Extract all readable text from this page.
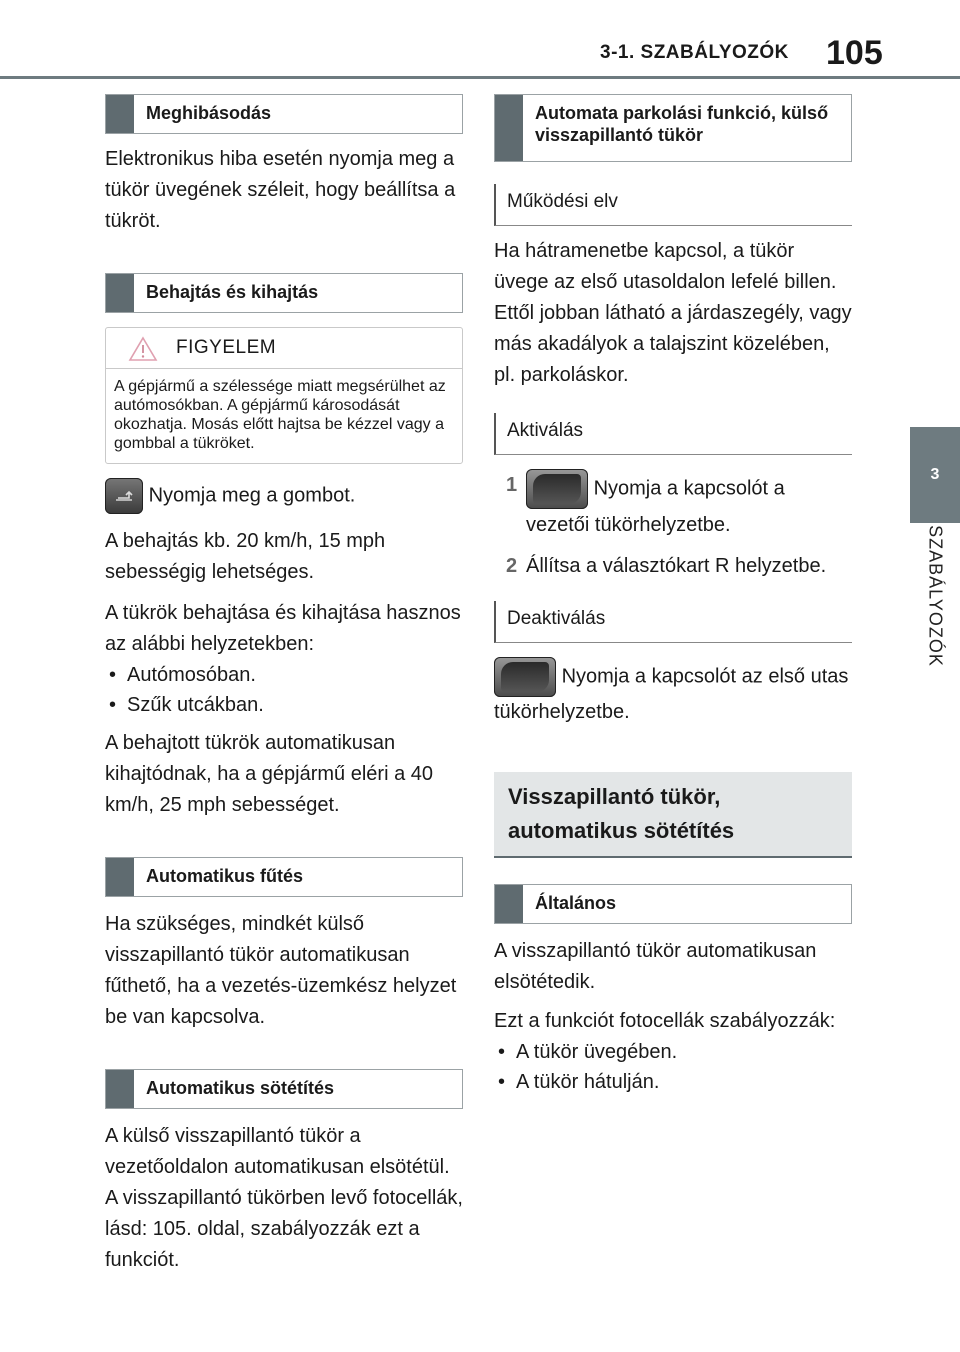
3-1. SZABÁLYOZÓK 105
3
SZABÁLYOZÓK
Meghibásodás

Elektronikus hiba esetén nyomja meg a tükör üvegének széleit, hogy beállítsa a tükröt.

Behajtás és kihajtás
FIGYELEM
A gépjármű a szélessége miatt megsérülhet az autómosókban. A gépjármű károsodását okozhatja. Mosás előtt hajtsa be kézzel vagy a gombbal a tükröket.

Nyomja meg a gombot.

A behajtás kb. 20 km/h, 15 mph sebességig lehetséges.

A tükrök behajtása és kihajtása hasznos az alábbi helyzetekben:

• Autómosóban.
• Szűk utcákban.

A behajtott tükrök automatikusan kihajtódnak, ha a gépjármű eléri a 40 km/h, 25 mph sebességet.

Automatikus fűtés

Ha szükséges, mindkét külső visszapillantó tükör automatikusan fűthető, ha a vezetés-üzemkész helyzet be van kapcsolva.

Automatikus sötétítés

A külső visszapillantó tükör a vezetőoldalon automatikusan elsötétül. A visszapillantó tükörben levő fotocellák, lásd: 105. oldal, szabályozzák ezt a funkciót.

Automata parkolási funkció, külső visszapillantó tükör
Működési elv

Ha hátramenetbe kapcsol, a tükör üvege az első utasoldalon lefelé billen. Ettől jobban látható a járdaszegély, vagy más akadályok a talajszint közelében, pl. parkoláskor.

Aktiválás

1	Nyomja a kapcsolót a vezetői tükörhelyzetbe.

2 Állítsa a választókart R helyzetbe.

Deaktiválás

Nyomja a kapcsolót az első utas tükörhelyzetbe.

Visszapillantó tükör, automatikus sötétítés
Általános

A visszapillantó tükör automatikusan elsötétedik.

Ezt a funkciót fotocellák szabályozzák:

• A tükör üvegében.
• A tükör hátulján.
